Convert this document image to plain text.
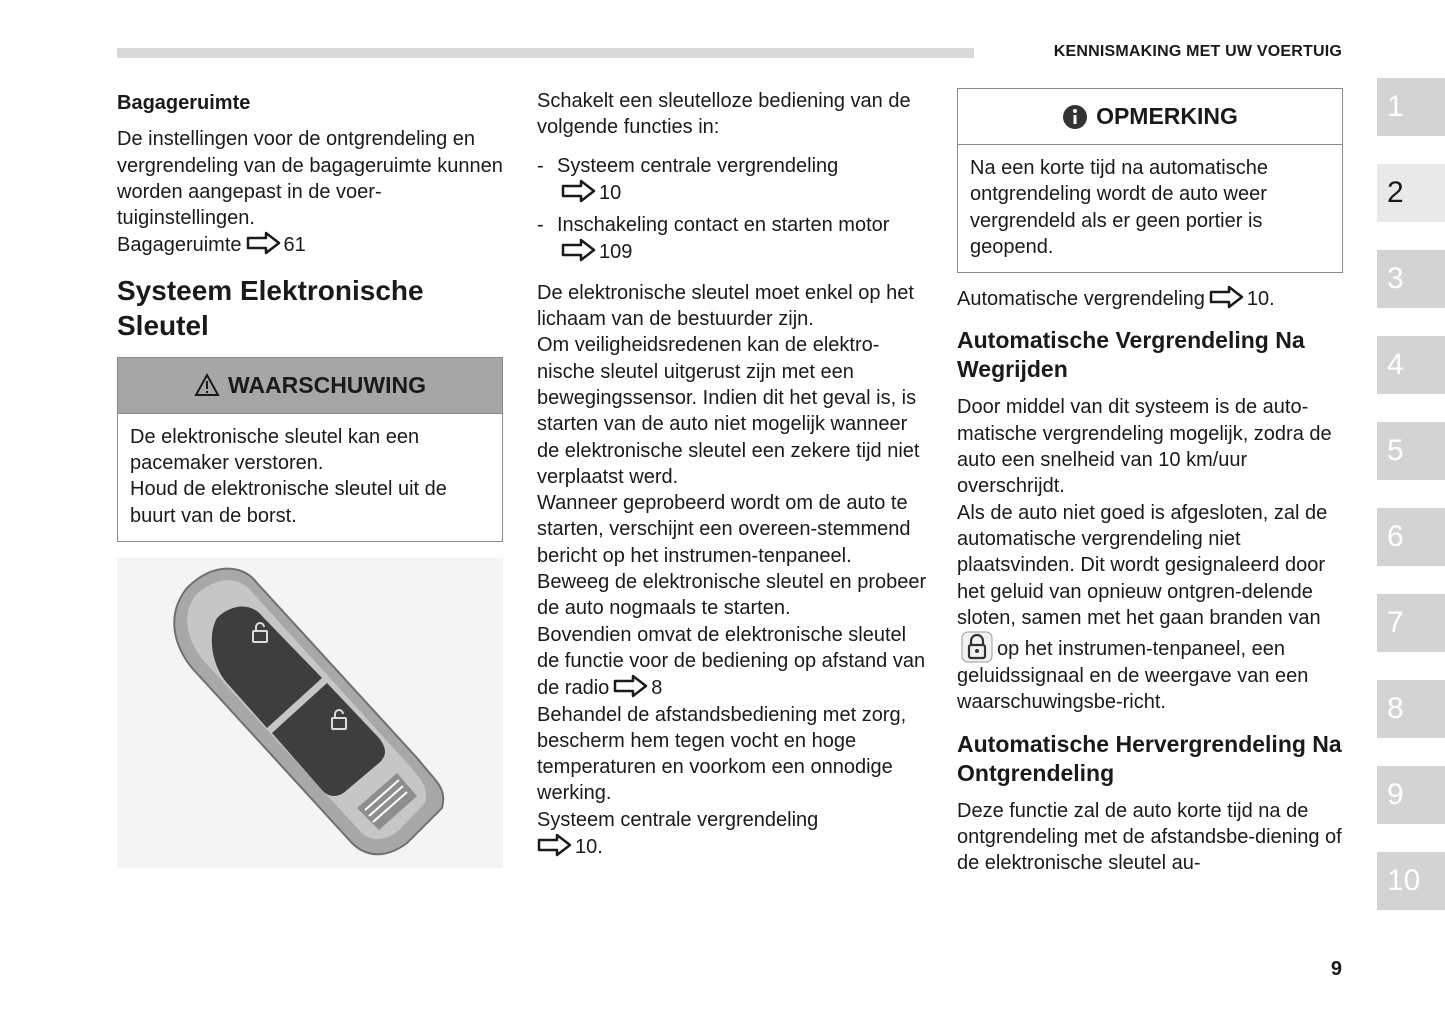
KENNISMAKING MET UW VOERTUIG

Bagageruimte

De instellingen voor de ontgrendeling en vergrendeling van de bagageruimte kunnen worden aangepast in de voer-tuiginstellingen.

Bagageruimte 61

Systeem Elektronische Sleutel

WAARSCHUWING

De elektronische sleutel kan een pacemaker verstoren.

Houd de elektronische sleutel uit de buurt van de borst.

Schakelt een sleutelloze bediening van de volgende functies in:

- Systeem centrale vergrendeling
10
- Inschakeling contact en starten motor
109

De elektronische sleutel moet enkel op het lichaam van de bestuurder zijn.

Om veiligheidsredenen kan de elektro-nische sleutel uitgerust zijn met een bewegingssensor. Indien dit het geval is, is starten van de auto niet mogelijk wanneer de elektronische sleutel een zekere tijd niet verplaatst werd.

Wanneer geprobeerd wordt om de auto te starten, verschijnt een overeen-stemmend bericht op het instrumen-tenpaneel. Beweeg de elektronische sleutel en probeer de auto nogmaals te starten.

Bovendien omvat de elektronische sleutel de functie voor de bediening op afstand van de radio 8

Behandel de afstandsbediening met zorg, bescherm hem tegen vocht en hoge temperaturen en voorkom een onnodige werking.

Systeem centrale vergrendeling

10.

OPMERKING

Na een korte tijd na automatische ontgrendeling wordt de auto weer vergrendeld als er geen portier is geopend.

Automatische vergrendeling 10.

Automatische Vergrendeling Na Wegrijden

Door middel van dit systeem is de auto-matische vergrendeling mogelijk, zodra de auto een snelheid van 10 km/uur overschrijdt.

Als de auto niet goed is afgesloten, zal de automatische vergrendeling niet plaatsvinden. Dit wordt gesignaleerd door het geluid van opnieuw ontgren-delende sloten, samen met het gaan branden vanop het instrumen-tenpaneel, een geluidssignaal en de weergave van een waarschuwingsbe-richt.

Automatische Hervergrendeling Na Ontgrendeling

Deze functie zal de auto korte tijd na de ontgrendeling met de afstandsbe-diening of de elektronische sleutel au-

1
2
3
4
5
6
7
8
9
10
9
